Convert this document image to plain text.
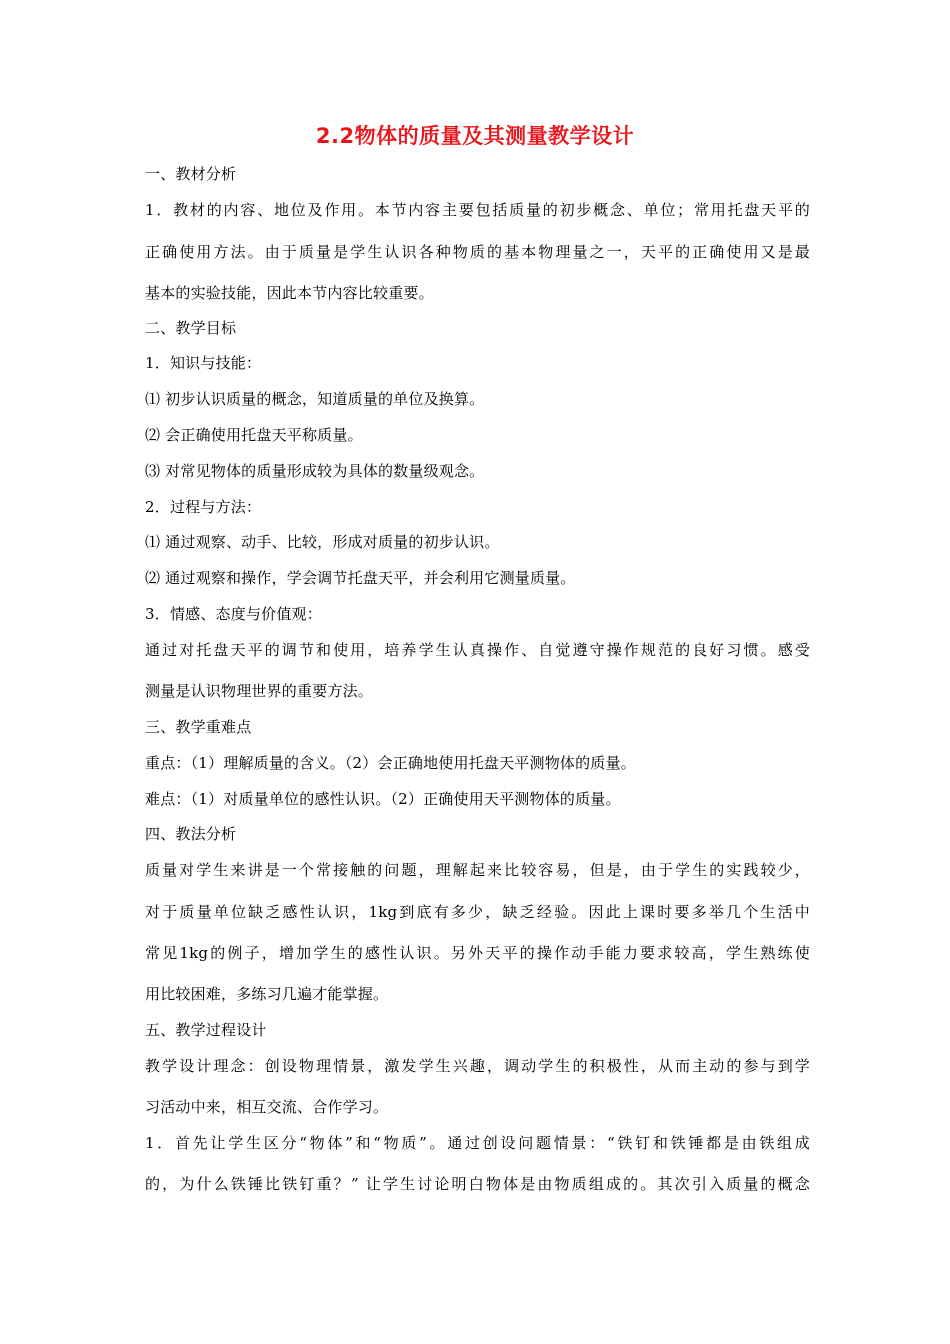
2.2物体的质量及其测量教学设计
一、教材分析
1．教材的内容、地位及作用。本节内容主要包括质量的初步概念、单位；常用托盘天平的
正确使用方法。由于质量是学生认识各种物质的基本物理量之一，天平的正确使用又是最
基本的实验技能，因此本节内容比较重要。
二、教学目标
1．知识与技能：
⑴ 初步认识质量的概念，知道质量的单位及换算。
⑵ 会正确使用托盘天平称质量。
⑶ 对常见物体的质量形成较为具体的数量级观念。
2．过程与方法：
⑴ 通过观察、动手、比较，形成对质量的初步认识。
⑵ 通过观察和操作，学会调节托盘天平，并会利用它测量质量。
3．情感、态度与价值观：
通过对托盘天平的调节和使用，培养学生认真操作、自觉遵守操作规范的良好习惯。感受
测量是认识物理世界的重要方法。
三、教学重难点
重点：（1）理解质量的含义。（2）会正确地使用托盘天平测物体的质量。
难点：（1）对质量单位的感性认识。（2）正确使用天平测物体的质量。
四、教法分析
质量对学生来讲是一个常接触的问题，理解起来比较容易，但是，由于学生的实践较少，
对于质量单位缺乏感性认识，1kg到底有多少，缺乏经验。因此上课时要多举几个生活中
常见1kg的例子，增加学生的感性认识。另外天平的操作动手能力要求较高，学生熟练使
用比较困难，多练习几遍才能掌握。
五、教学过程设计
教学设计理念：创设物理情景，激发学生兴趣，调动学生的积极性，从而主动的参与到学
习活动中来，相互交流、合作学习。
1．首先让学生区分“物体”和“物质”。通过创设问题情景：“铁钉和铁锤都是由铁组成
的，为什么铁锤比铁钉重？” 让学生讨论明白物体是由物质组成的。其次引入质量的概念
